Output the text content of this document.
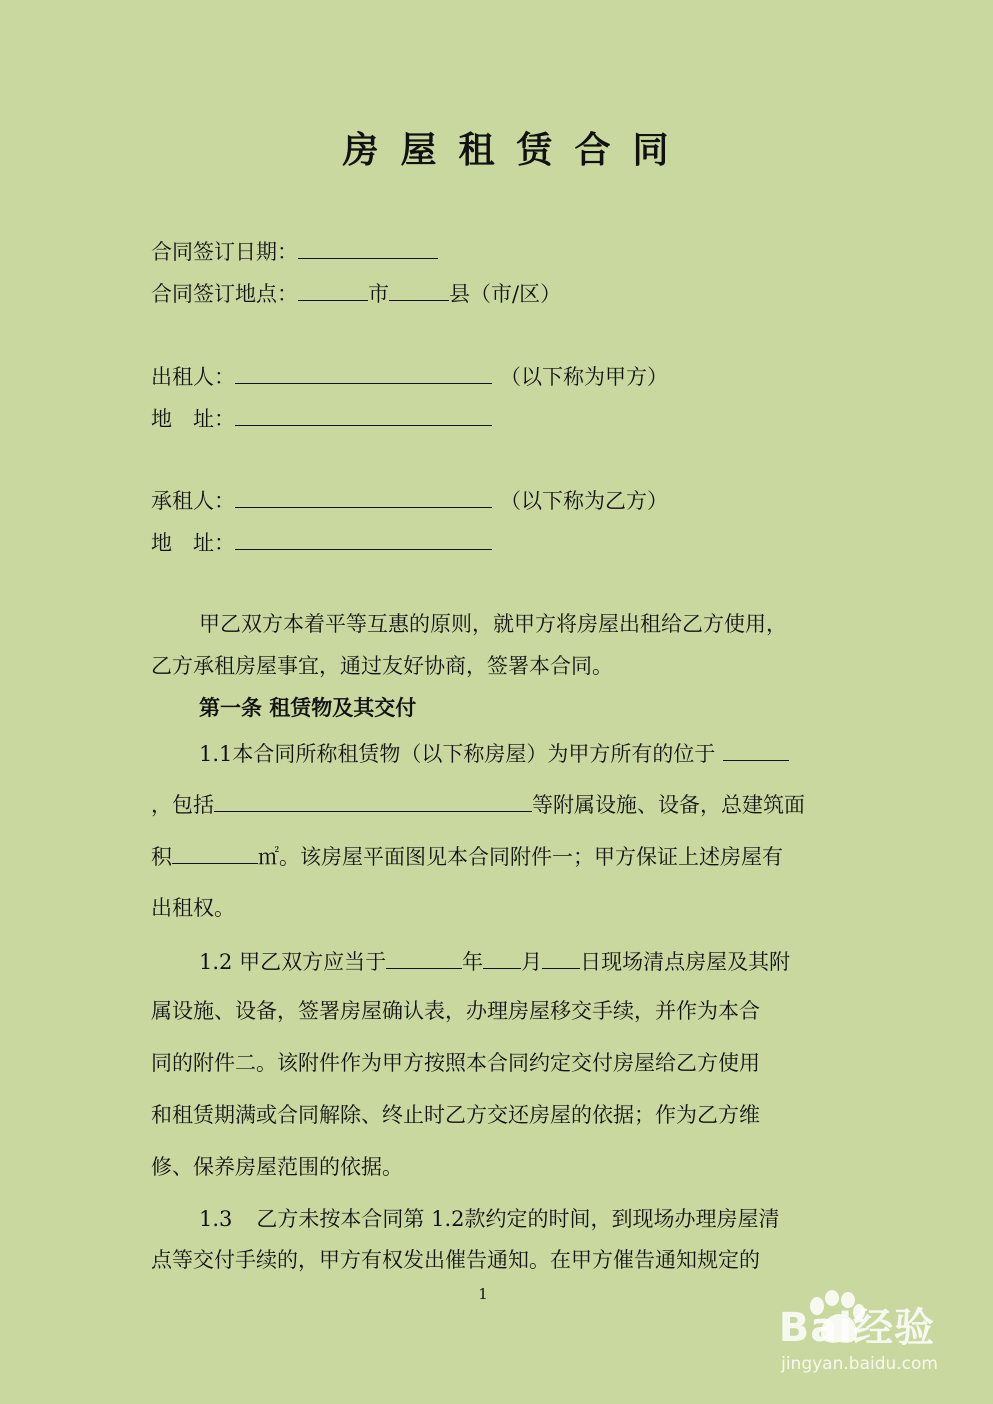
房屋租赁合同
合同签订日期：
合同签订地点：	市	县（市/区）
出租人：	（以下称为甲方）
地　址：
承租人：	（以下称为乙方）
地　址：
甲乙双方本着平等互惠的原则，就甲方将房屋出租给乙方使用，
乙方承租房屋事宜，通过友好协商，签署本合同。
第一条 租赁物及其交付
1.1本合同所称租赁物（以下称房屋）为甲方所有的位于
，包括	等附属设施、设备，总建筑面
积	㎡。该房屋平面图见本合同附件一；甲方保证上述房屋有
出租权。
1.2 甲乙双方应当于	年 月 日现场清点房屋及其附
属设施、设备，签署房屋确认表，办理房屋移交手续，并作为本合
同的附件二。该附件作为甲方按照本合同约定交付房屋给乙方使用
和租赁期满或合同解除、终止时乙方交还房屋的依据；作为乙方维
修、保养房屋范围的依据。
1.3 乙方未按本合同第 1.2款约定的时间，到现场办理房屋清
点等交付手续的，甲方有权发出催告通知。在甲方催告通知规定的
1
Bai经验
jingyan.baidu.com
